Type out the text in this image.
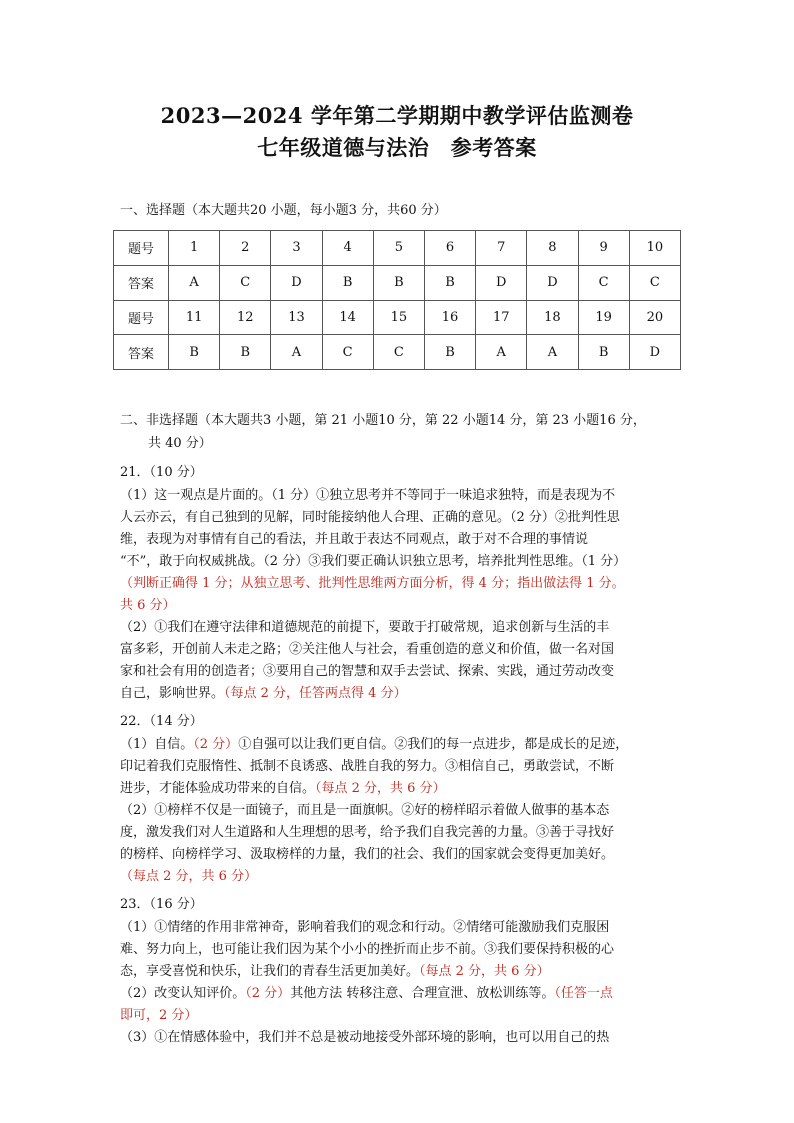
2023—2024 学年第二学期期中教学评估监测卷
七年级道德与法治　参考答案
一、选择题（本大题共20 小题，每小题3 分，共60 分）
题号	1	2	3	4	5	6	7	8	9	10
答案	A	C	D	B	B	B	D	D	C	C
题号	11	12	13	14	15	16	17	18	19	20
答案	B	B	A	C	C	B	A	A	B	D
二、非选择题（本大题共3 小题，第 21 小题10 分，第 22 小题14 分，第 23 小题16 分，
共 40 分）
21．（10 分）
（1）这一观点是片面的。（1 分）①独立思考并不等同于一味追求独特，而是表现为不
人云亦云，有自己独到的见解，同时能接纳他人合理、正确的意见。（2 分）②批判性思
维，表现为对事情有自己的看法，并且敢于表达不同观点，敢于对不合理的事情说
“不”，敢于向权威挑战。（2 分）③我们要正确认识独立思考，培养批判性思维。（1 分）
（判断正确得 1 分；从独立思考、批判性思维两方面分析，得 4 分；指出做法得 1 分。
共 6 分）
（2）①我们在遵守法律和道德规范的前提下，要敢于打破常规，追求创新与生活的丰
富多彩，开创前人未走之路；②关注他人与社会，看重创造的意义和价值，做一名对国
家和社会有用的创造者；③要用自己的智慧和双手去尝试、探索、实践，通过劳动改变
自己，影响世界。（每点 2 分，任答两点得 4 分）
22．（14 分）
（1）自信。（2 分）①自强可以让我们更自信。②我们的每一点进步，都是成长的足迹，
印记着我们克服惰性、抵制不良诱惑、战胜自我的努力。③相信自己，勇敢尝试，不断
进步，才能体验成功带来的自信。（每点 2 分，共 6 分）
（2）①榜样不仅是一面镜子，而且是一面旗帜。②好的榜样昭示着做人做事的基本态
度，激发我们对人生道路和人生理想的思考，给予我们自我完善的力量。③善于寻找好
的榜样、向榜样学习、汲取榜样的力量，我们的社会、我们的国家就会变得更加美好。
（每点 2 分，共 6 分）
23．（16 分）
（1）①情绪的作用非常神奇，影响着我们的观念和行动。②情绪可能激励我们克服困
难、努力向上，也可能让我们因为某个小小的挫折而止步不前。③我们要保持积极的心
态，享受喜悦和快乐，让我们的青春生活更加美好。（每点 2 分，共 6 分）
（2）改变认知评价。（2 分）其他方法 转移注意、合理宣泄、放松训练等。（任答一点
即可，2 分）
（3）①在情感体验中，我们并不总是被动地接受外部环境的影响，也可以用自己的热
